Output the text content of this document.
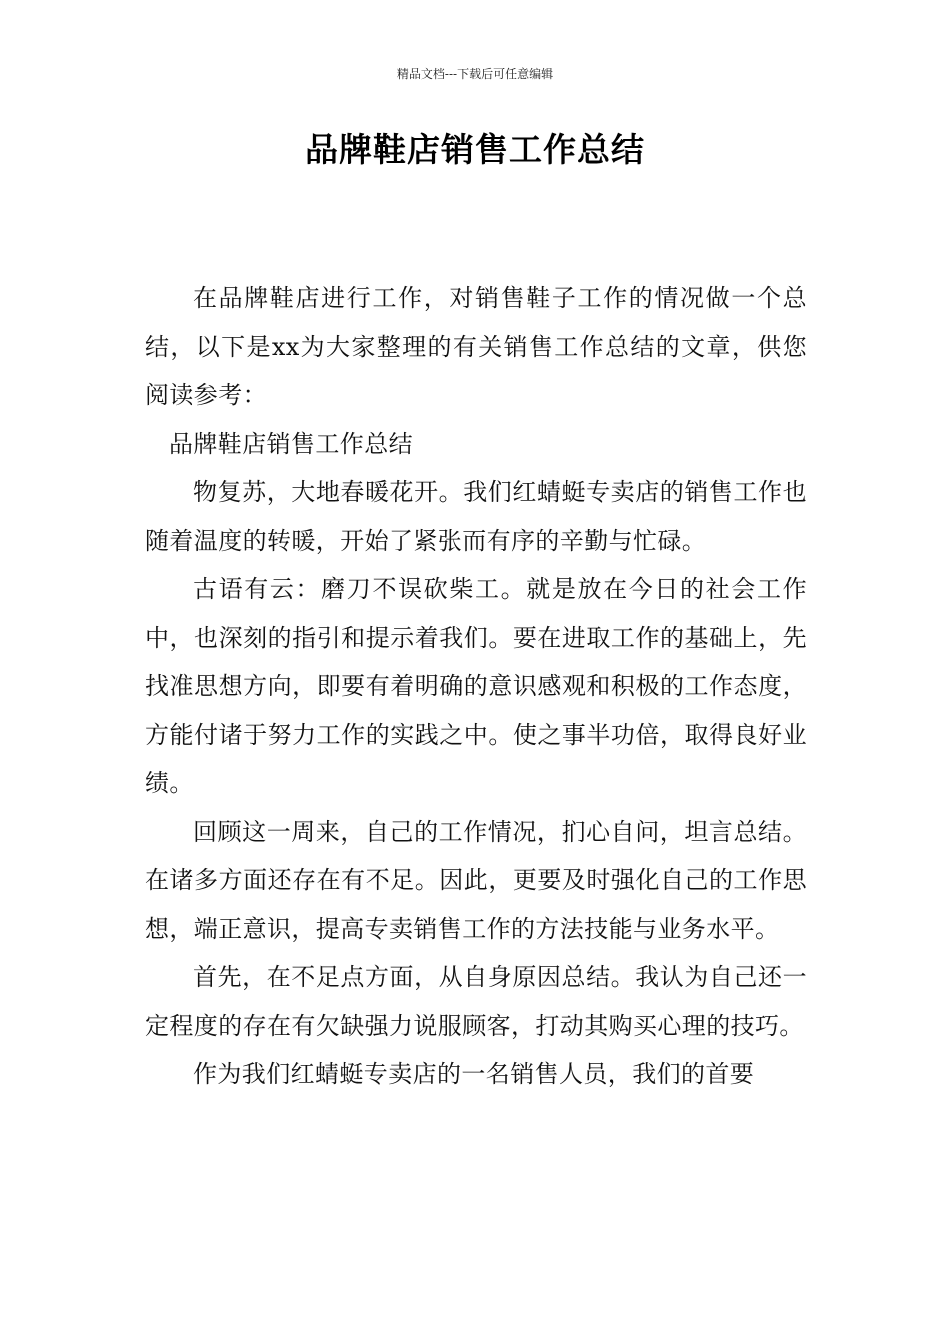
精品文档---下载后可任意编辑
品牌鞋店销售工作总结

在品牌鞋店进行工作，对销售鞋子工作的情况做一个总结，以下是xx为大家整理的有关销售工作总结的文章，供您阅读参考：

品牌鞋店销售工作总结

物复苏，大地春暖花开。我们红蜻蜓专卖店的销售工作也随着温度的转暖，开始了紧张而有序的辛勤与忙碌。

古语有云：磨刀不误砍柴工。就是放在今日的社会工作中，也深刻的指引和提示着我们。要在进取工作的基础上，先找准思想方向，即要有着明确的意识感观和积极的工作态度，方能付诸于努力工作的实践之中。使之事半功倍，取得良好业绩。

回顾这一周来，自己的工作情况，扪心自问，坦言总结。在诸多方面还存在有不足。因此，更要及时强化自己的工作思想，端正意识，提高专卖销售工作的方法技能与业务水平。

首先，在不足点方面，从自身原因总结。我认为自己还一定程度的存在有欠缺强力说服顾客，打动其购买心理的技巧。

作为我们红蜻蜓专卖店的一名销售人员，我们的首要
